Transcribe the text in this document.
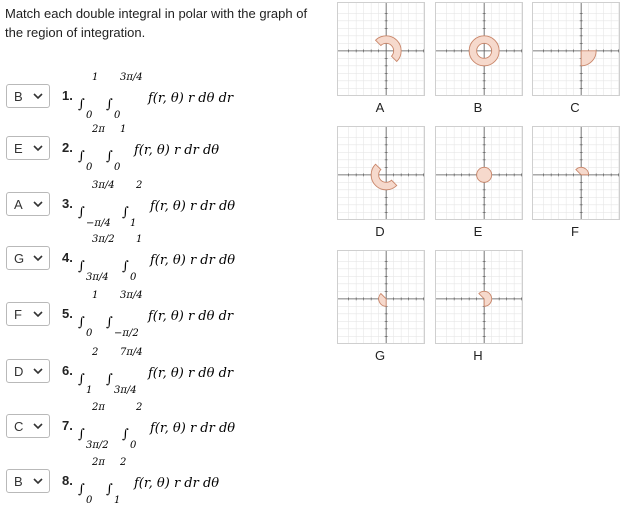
Match each double integral in polar with the graph of the region of integration.
B	1.
∫
1
0
∫
3π/4
0
f(r, θ) r dθ dr
E	2.
∫
2π
0
∫
1
0
f(r, θ) r dr dθ
A	3.
∫
3π/4
−π/4
∫
2
1
f(r, θ) r dr dθ
G	4.
∫
3π/2
3π/4
∫
1
0
f(r, θ) r dr dθ
F	5.
∫
1
0
∫
3π/4
−π/2
f(r, θ) r dθ dr
D	6.
∫
2
1
∫
7π/4
3π/4
f(r, θ) r dθ dr
C	7.
∫
2π
3π/2
∫
2
0
f(r, θ) r dr dθ
B	8.
∫
2π
0
∫
2
1
f(r, θ) r dr dθ
A	B	C
D	E	F
G	H
